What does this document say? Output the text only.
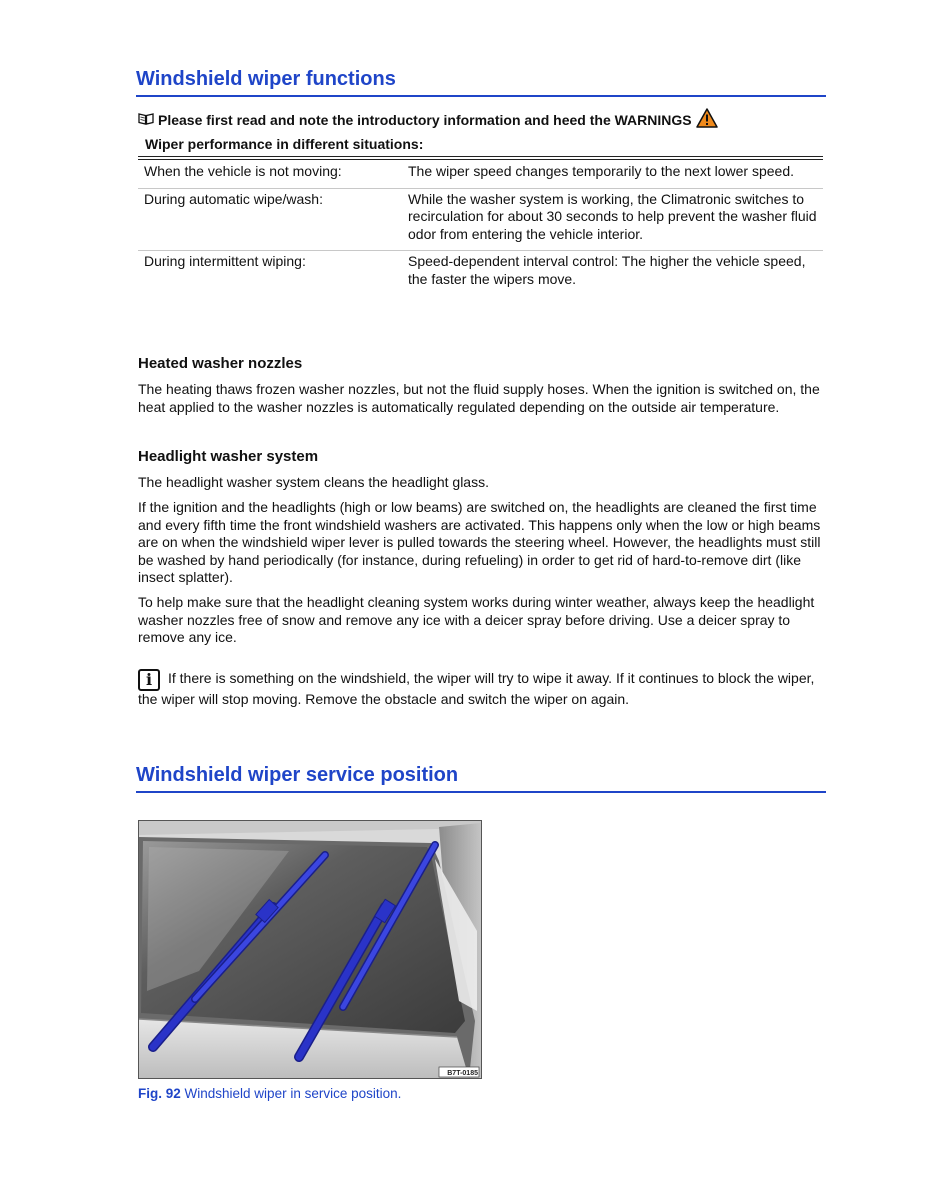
Windshield wiper functions
Please first read and note the introductory information and heed the WARNINGS
Wiper performance in different situations:
When the vehicle is not moving:	The wiper speed changes temporarily to the next lower speed.
During automatic wipe/wash:	While the washer system is working, the Climatronic switches to recirculation for about 30 seconds to help prevent the washer fluid odor from entering the vehicle interior.
During intermittent wiping:	Speed-dependent interval control: The higher the vehicle speed, the faster the wipers move.
Heated washer nozzles

The heating thaws frozen washer nozzles, but not the fluid supply hoses. When the ignition is switched on, the heat applied to the washer nozzles is automatically regulated depending on the outside air temperature.

Headlight washer system

The headlight washer system cleans the headlight glass.

If the ignition and the headlights (high or low beams) are switched on, the headlights are cleaned the first time and every fifth time the front windshield washers are activated. This happens only when the low or high beams are on when the windshield wiper lever is pulled towards the steering wheel. However, the headlights must still be washed by hand periodically (for instance, during refueling) in order to get rid of hard-to-remove dirt (like insect splatter).

To help make sure that the headlight cleaning system works during winter weather, always keep the headlight washer nozzles free of snow and remove any ice with a deicer spray before driving. Use a deicer spray to remove any ice.

i If there is something on the windshield, the wiper will try to wipe it away. If it continues to block the wiper, the wiper will stop moving. Remove the obstacle and switch the wiper on again.
Windshield wiper service position
B7T-0185
Fig. 92 Windshield wiper in service position.
